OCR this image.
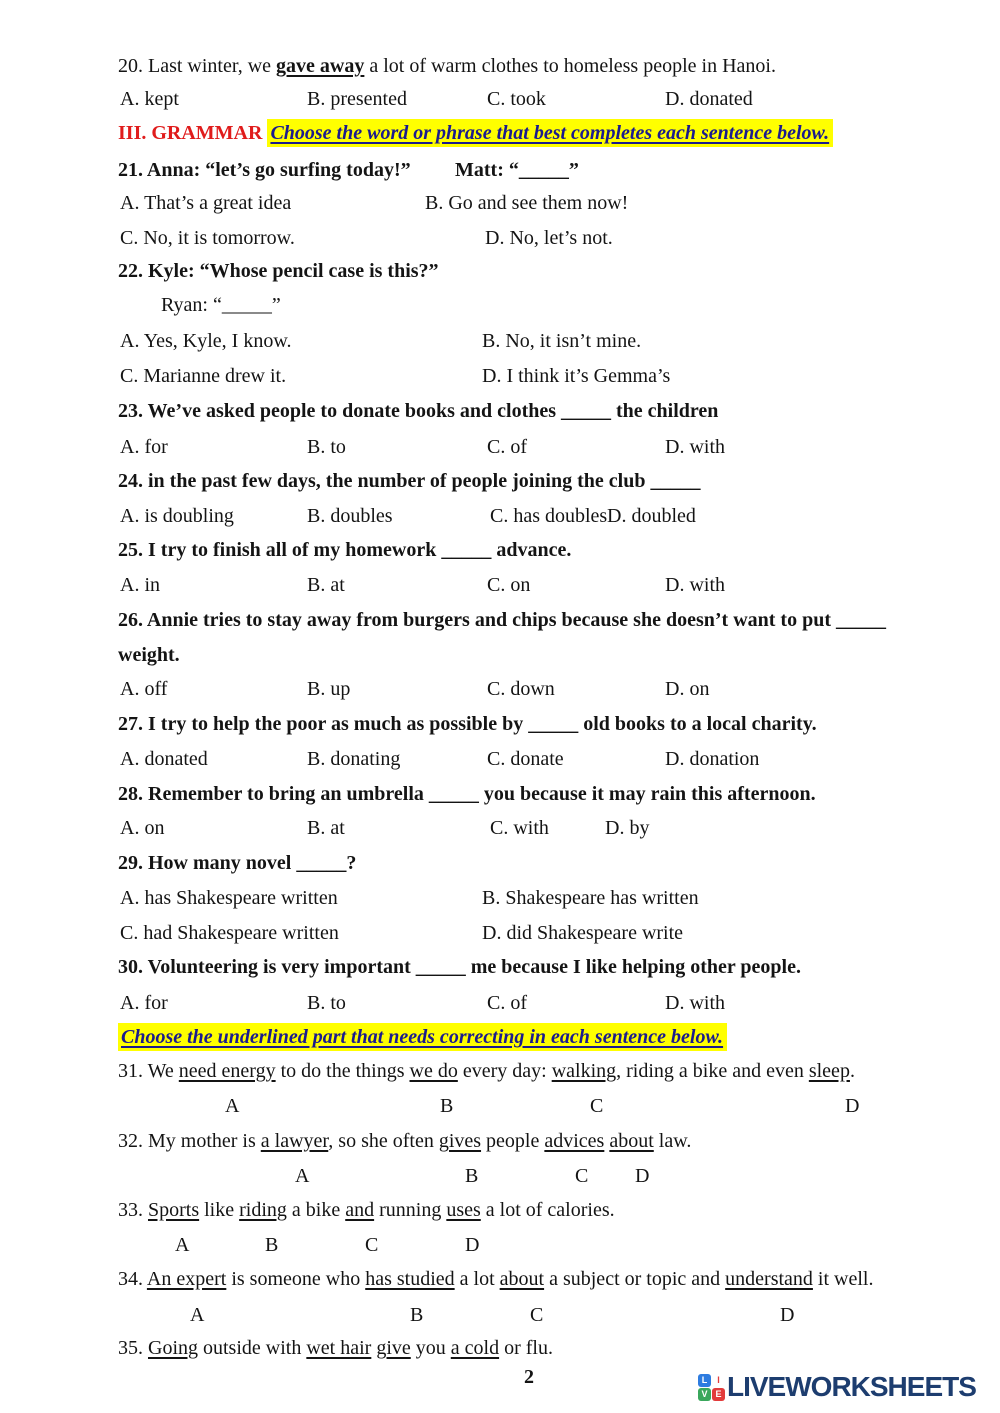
2	L	I
V E LIVEWORKSHEETS
20. Last winter, we gave away a lot of warm clothes to homeless people in Hanoi.
A. kept	B. presented	C. took	D. donated
III. GRAMMAR Choose the word or phrase that best completes each sentence below.
21. Anna: “let’s go surfing today!” Matt: “_____”
A. That’s a great idea	B. Go and see them now!
C. No, it is tomorrow.	D. No, let’s not.
22. Kyle: “Whose pencil case is this?”
Ryan: “_____”
A. Yes, Kyle, I know.	B. No, it isn’t mine.
C. Marianne drew it.	D. I think it’s Gemma’s
23. We’ve asked people to donate books and clothes _____ the children
A. for	B. to	C. of	D. with
24. in the past few days, the number of people joining the club _____
A. is doubling	B. doubles	C. has doubles D. doubled
25. I try to finish all of my homework _____ advance.
A. in	B. at	C. on	D. with
26. Annie tries to stay away from burgers and chips because she doesn’t want to put _____
weight.
A. off	B. up	C. down	D. on
27. I try to help the poor as much as possible by _____ old books to a local charity.
A. donated	B. donating	C. donate	D. donation
28. Remember to bring an umbrella _____ you because it may rain this afternoon.
A. on	B. at	C. with	D. by
29. How many novel _____?
A. has Shakespeare written	B. Shakespeare has written
C. had Shakespeare written	D. did Shakespeare write
30. Volunteering is very important _____ me because I like helping other people.
A. for	B. to	C. of	D. with
Choose the underlined part that needs correcting in each sentence below.
31. We need energy to do the things we do every day: walking, riding a bike and even sleep.
A	B	C	D
32. My mother is a lawyer, so she often gives people advices about law.
A	B	C D
33. Sports like riding a bike and running uses a lot of calories.
A	B	C	D
34. An expert is someone who has studied a lot about a subject or topic and understand it well.
A	B	C	D
35. Going outside with wet hair give you a cold or flu.
